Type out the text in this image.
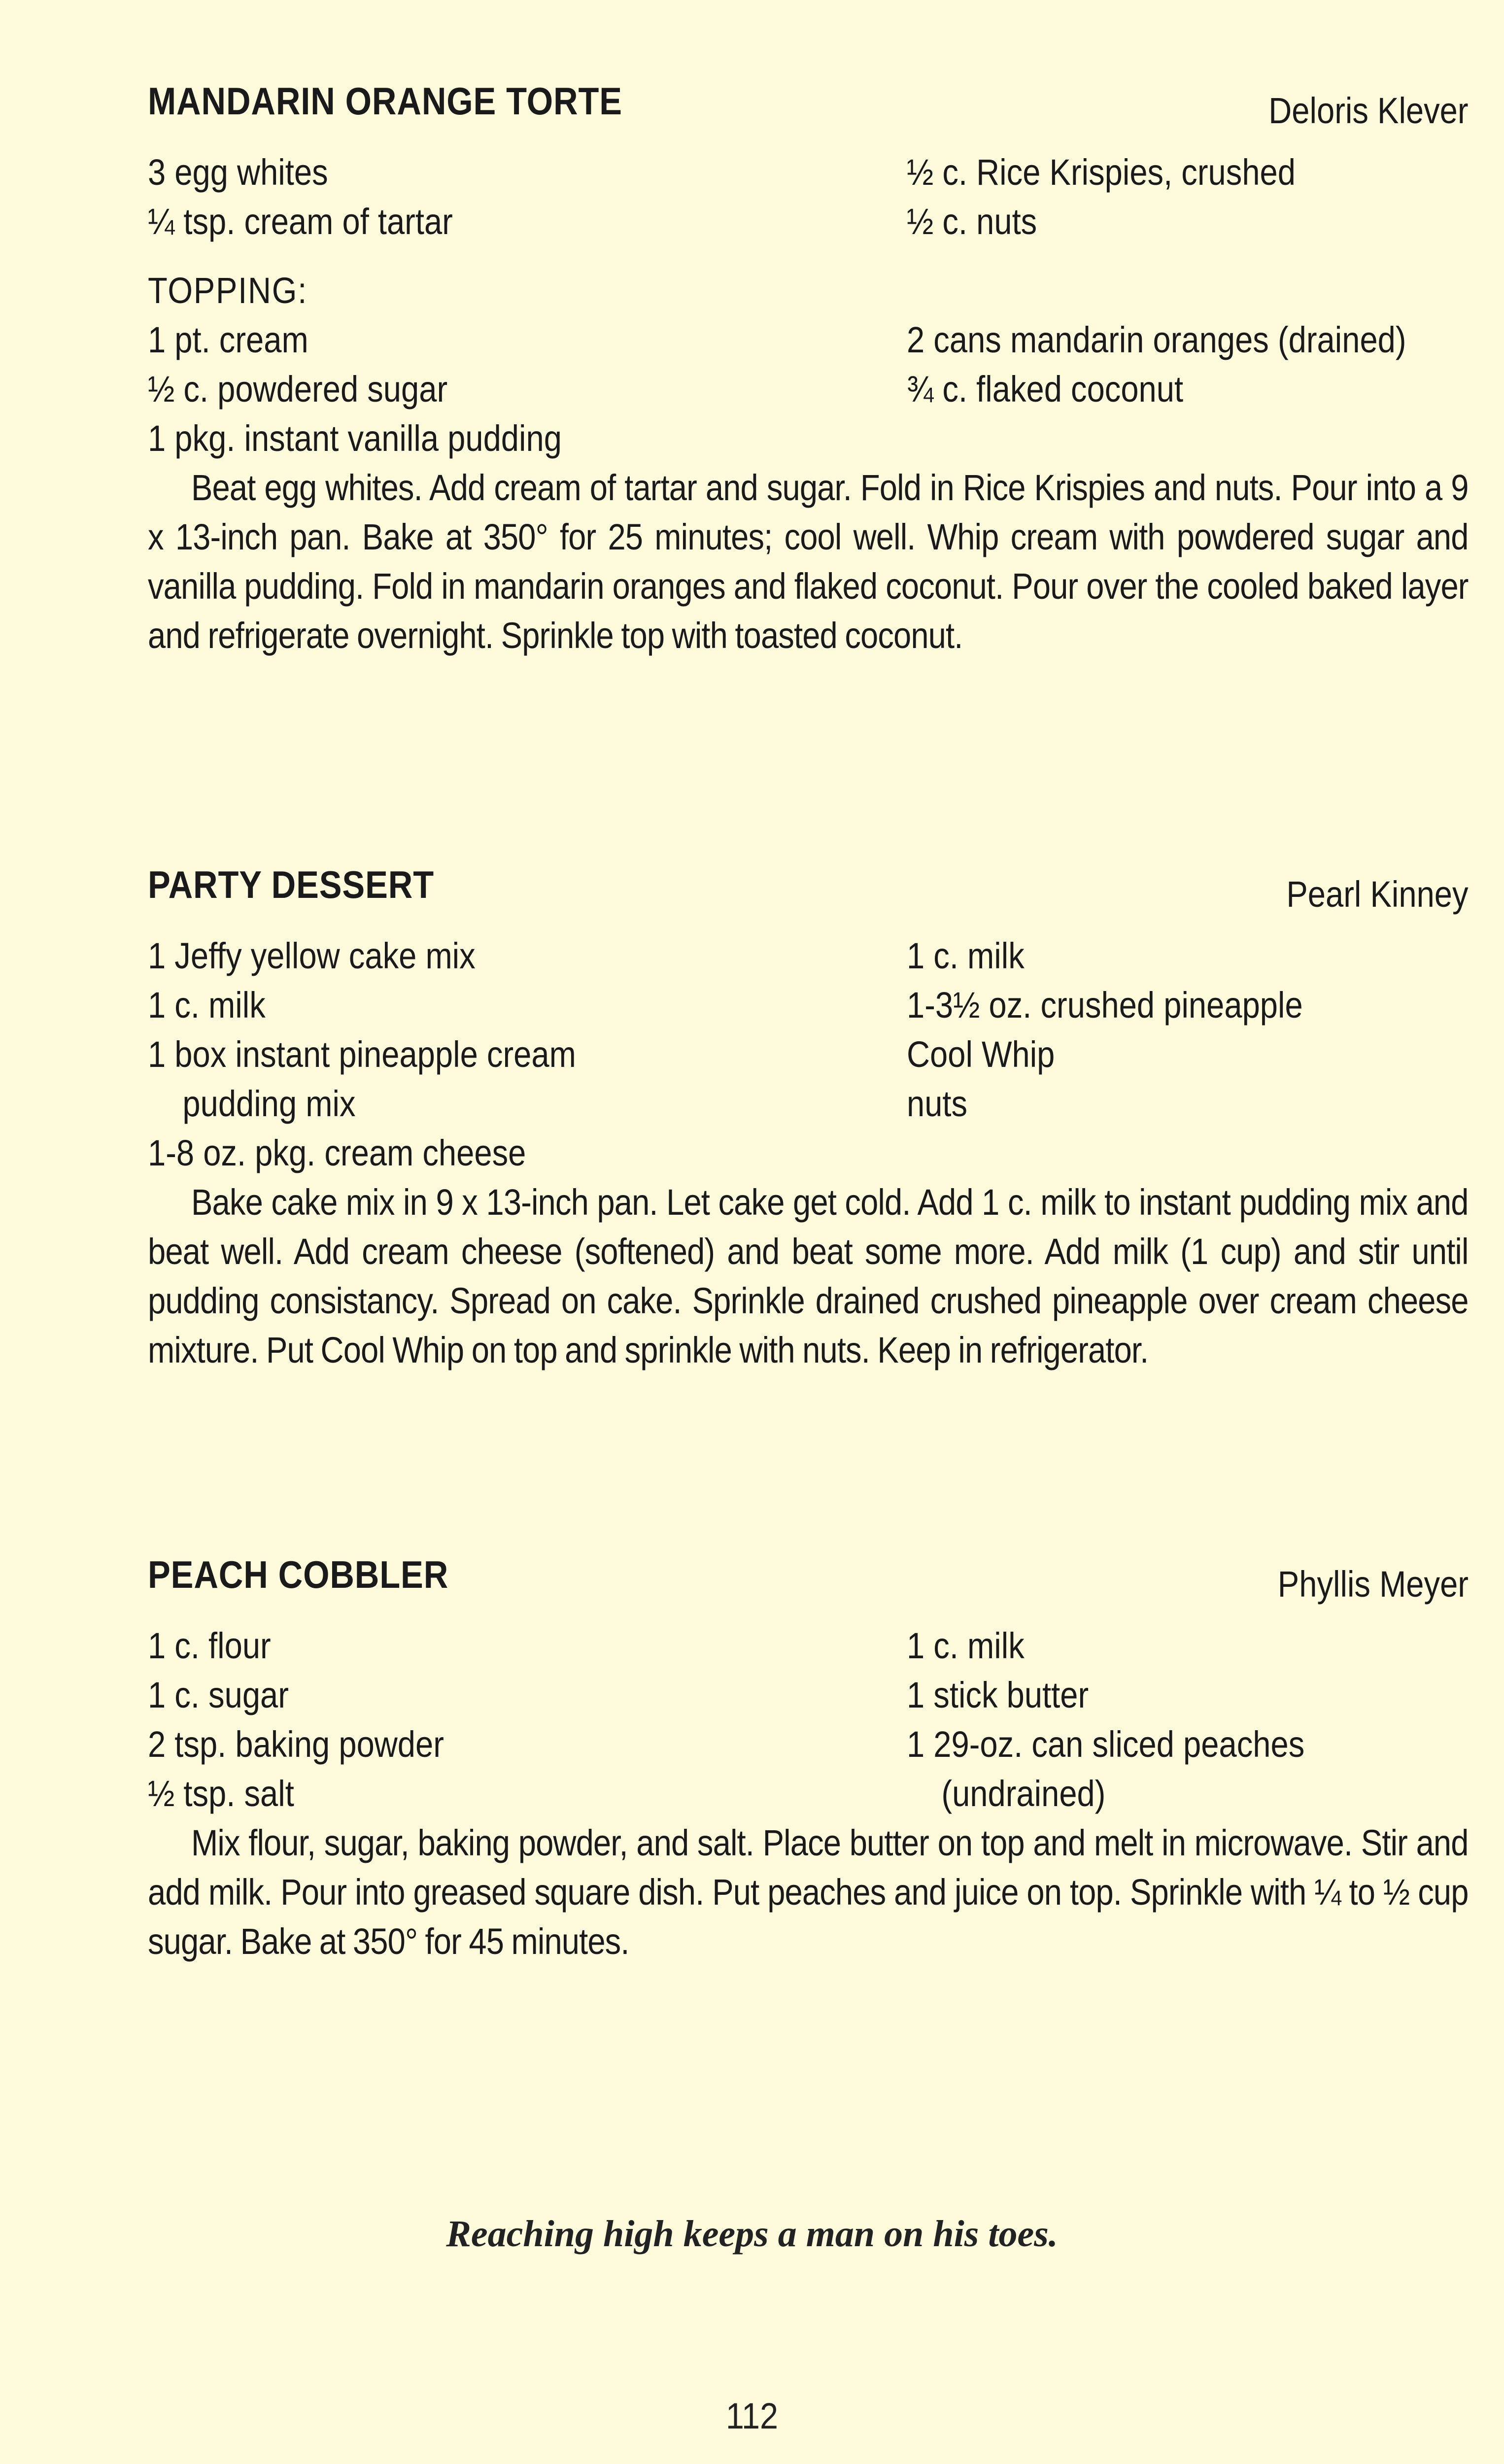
MANDARIN ORANGE TORTE	Deloris Klever
3 egg whites
¼ tsp. cream of tartar
½ c. Rice Krispies, crushed
½ c. nuts
TOPPING:
1 pt. cream
½ c. powdered sugar
1 pkg. instant vanilla pudding
2 cans mandarin oranges (drained)
¾ c. flaked coconut
Beat egg whites. Add cream of tartar and sugar. Fold in Rice Krispies and nuts. Pour into a 9 x 13-inch pan. Bake at 350° for 25 minutes; cool well. Whip cream with powdered sugar and vanilla pudding. Fold in mandarin oranges and flaked coconut. Pour over the cooled baked layer and refrigerate overnight. Sprinkle top with toasted coconut.
PARTY DESSERT	Pearl Kinney
1 Jeffy yellow cake mix
1 c. milk
1 box instant pineapple cream
pudding mix
1-8 oz. pkg. cream cheese
1 c. milk
1-3½ oz. crushed pineapple
Cool Whip
nuts
Bake cake mix in 9 x 13-inch pan. Let cake get cold. Add 1 c. milk to instant pudding mix and beat well. Add cream cheese (softened) and beat some more. Add milk (1 cup) and stir until pudding consistancy. Spread on cake. Sprinkle drained crushed pineapple over cream cheese mixture. Put Cool Whip on top and sprinkle with nuts. Keep in refrigerator.
PEACH COBBLER	Phyllis Meyer
1 c. flour
1 c. sugar
2 tsp. baking powder
½ tsp. salt
1 c. milk
1 stick butter
1 29-oz. can sliced peaches
(undrained)
Mix flour, sugar, baking powder, and salt. Place butter on top and melt in microwave. Stir and add milk. Pour into greased square dish. Put peaches and juice on top. Sprinkle with ¼ to ½ cup sugar. Bake at 350° for 45 minutes.
Reaching high keeps a man on his toes.
112
